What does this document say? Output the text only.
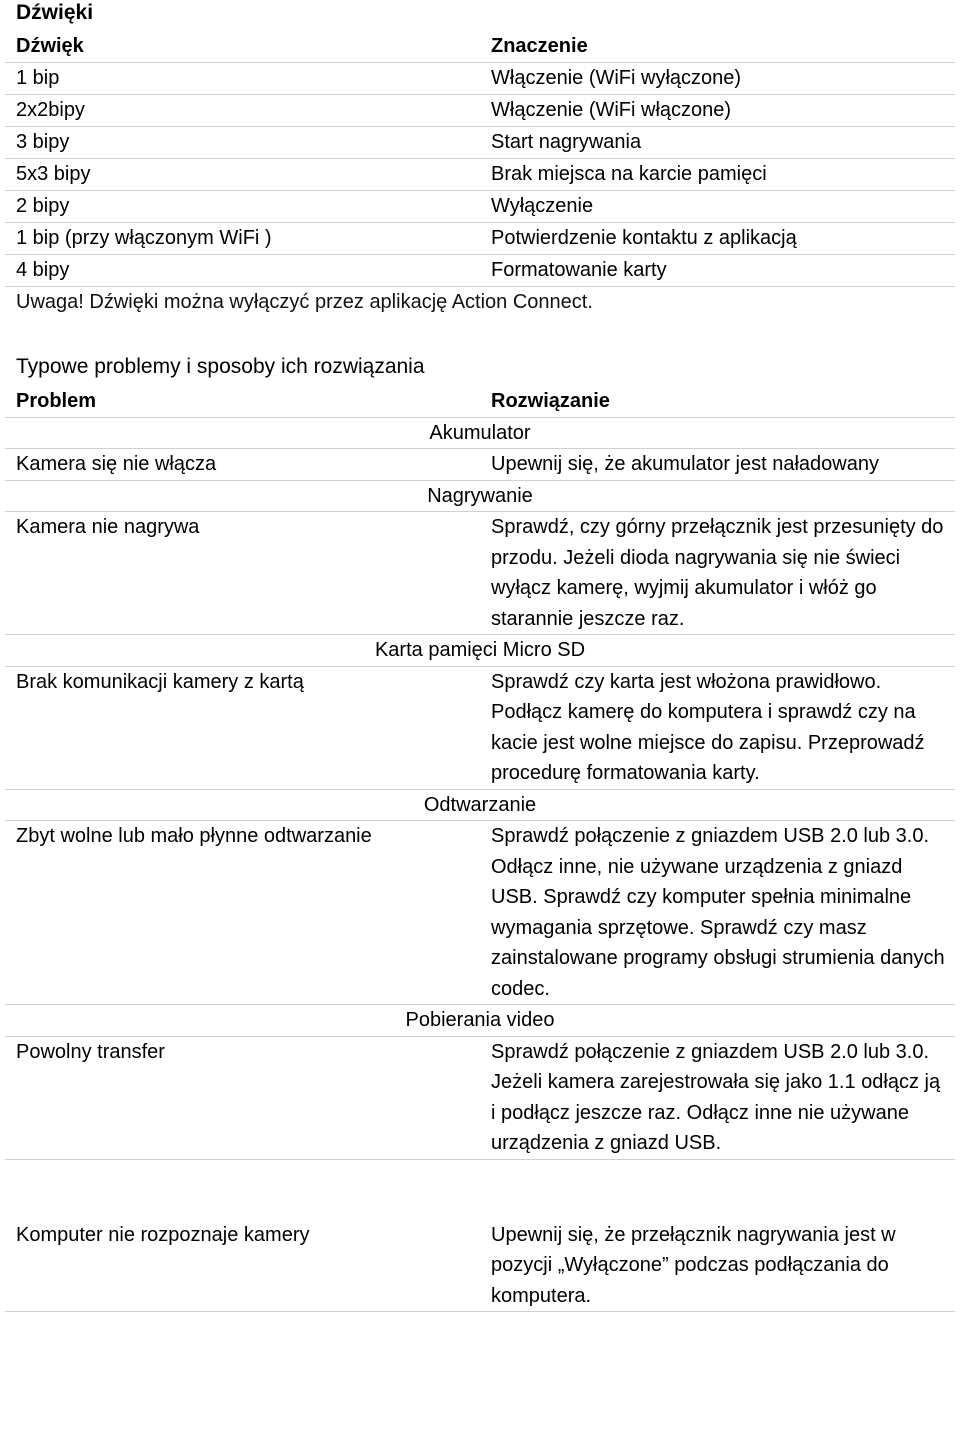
Dźwięki
Dźwięk	Znaczenie
1 bip	Włączenie (WiFi wyłączone)
2x2bipy	Włączenie (WiFi włączone)
3 bipy	Start nagrywania
5x3 bipy	Brak miejsca na karcie pamięci
2 bipy	Wyłączenie
1 bip (przy włączonym WiFi )	Potwierdzenie kontaktu z aplikacją
4 bipy	Formatowanie karty
Uwaga! Dźwięki można wyłączyć przez aplikację Action Connect.	
Typowe problemy i sposoby ich rozwiązania
Problem	Rozwiązanie
Akumulator	
Kamera się nie włącza	Upewnij się, że akumulator jest naładowany
Nagrywanie	
Kamera nie nagrywa	Sprawdź, czy górny przełącznik jest przesunięty do przodu. Jeżeli dioda nagrywania się nie świeci wyłącz kamerę, wyjmij akumulator i włóż go starannie jeszcze raz.
Karta pamięci Micro SD	
Brak komunikacji kamery z kartą	Sprawdź czy karta jest włożona prawidłowo. Podłącz kamerę do komputera i sprawdź czy na kacie jest wolne miejsce do zapisu. Przeprowadź procedurę formatowania karty.
Odtwarzanie	
Zbyt wolne lub mało płynne odtwarzanie	Sprawdź połączenie z gniazdem USB 2.0 lub 3.0. Odłącz inne, nie używane urządzenia z gniazd USB. Sprawdź czy komputer spełnia minimalne wymagania sprzętowe. Sprawdź czy masz zainstalowane programy obsługi strumienia danych codec.
Pobierania video	
Powolny transfer	Sprawdź połączenie z gniazdem USB 2.0 lub 3.0. Jeżeli kamera zarejestrowała się jako 1.1 odłącz ją i podłącz jeszcze raz. Odłącz inne nie używane urządzenia z gniazd USB.

Komputer nie rozpoznaje kamery	Upewnij się, że przełącznik nagrywania jest w pozycji „Wyłączone” podczas podłączania do komputera.
